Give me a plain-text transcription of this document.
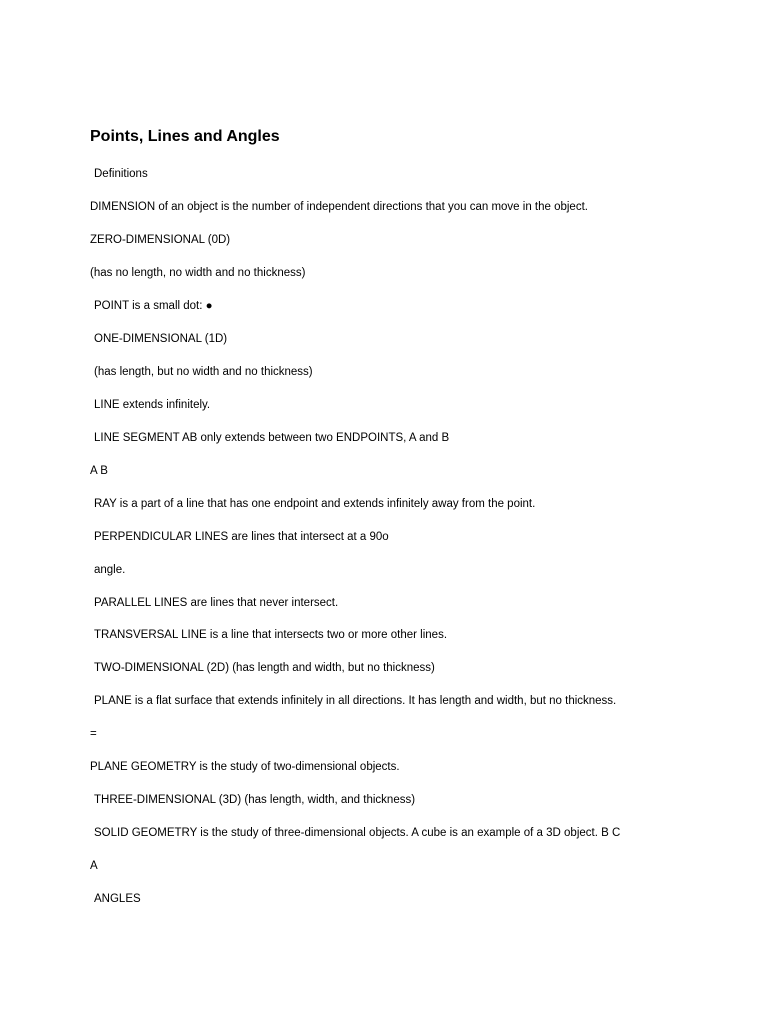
Points, Lines and Angles

Definitions

DIMENSION of an object is the number of independent directions that you can move in the object.

ZERO-DIMENSIONAL (0D)

(has no length, no width and no thickness)

POINT is a small dot: ●

ONE-DIMENSIONAL (1D)

(has length, but no width and no thickness)

LINE extends infinitely.

LINE SEGMENT AB only extends between two ENDPOINTS, A and B

A B

RAY is a part of a line that has one endpoint and extends infinitely away from the point.

PERPENDICULAR LINES are lines that intersect at a 90o

angle.

PARALLEL LINES are lines that never intersect.

TRANSVERSAL LINE is a line that intersects two or more other lines.

TWO-DIMENSIONAL (2D) (has length and width, but no thickness)

PLANE is a flat surface that extends infinitely in all directions. It has length and width, but no thickness.

=

PLANE GEOMETRY is the study of two-dimensional objects.

THREE-DIMENSIONAL (3D) (has length, width, and thickness)

SOLID GEOMETRY is the study of three-dimensional objects. A cube is an example of a 3D object. B C

A

ANGLES
